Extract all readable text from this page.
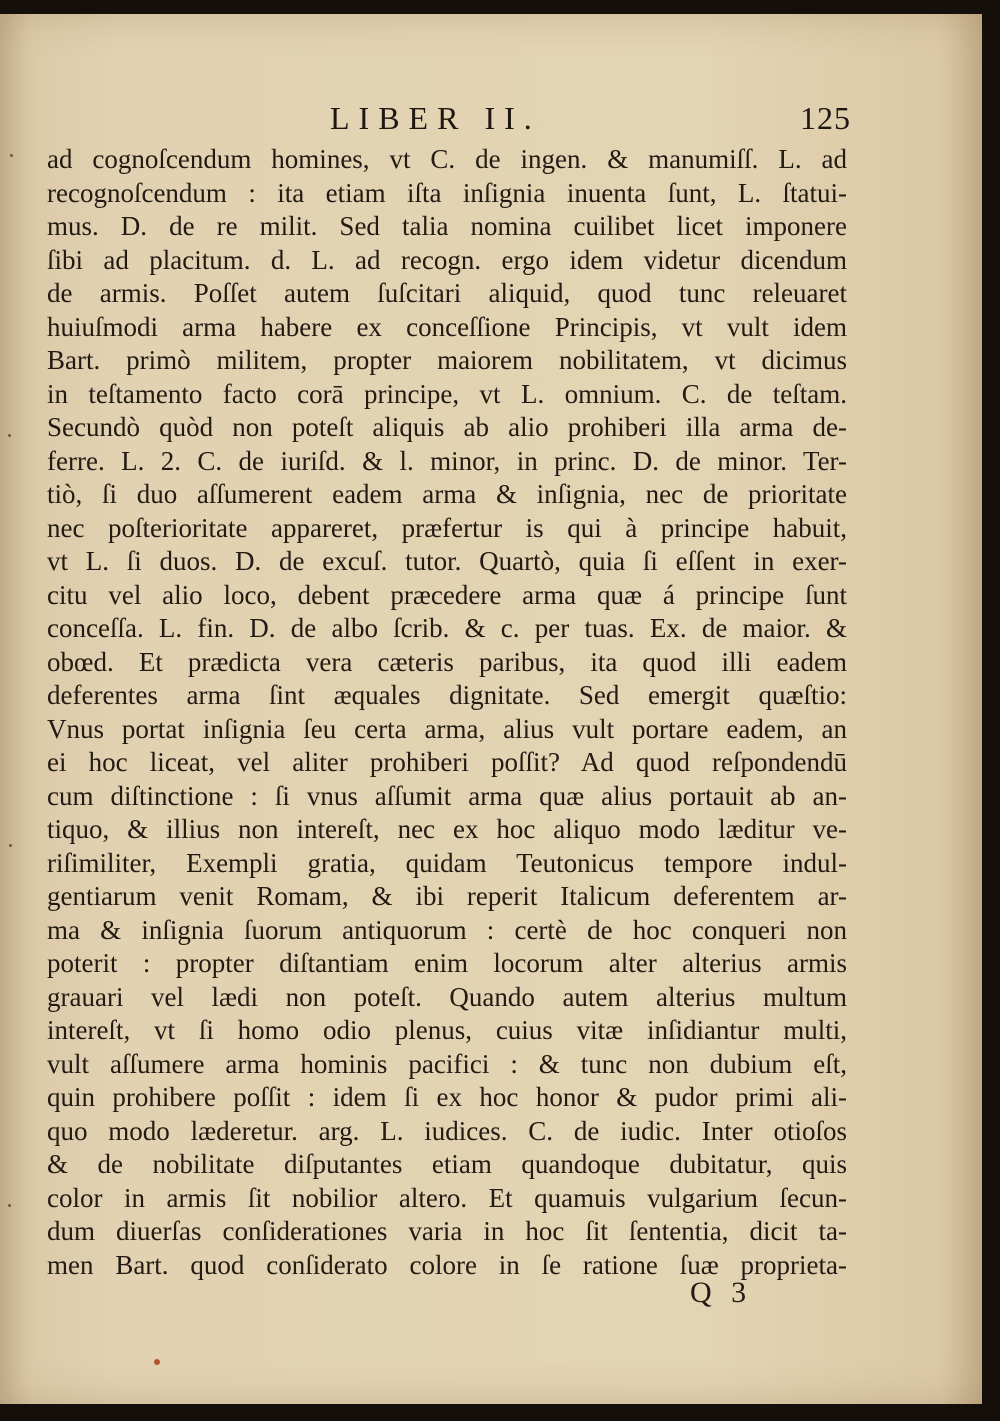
LIBER II.	125
ad cognoſcendum homines, vt C. de ingen. & manumiſſ. L. ad
recognoſcendum : ita etiam iſta inſignia inuenta ſunt, L. ſtatui-
mus. D. de re milit. Sed talia nomina cuilibet licet imponere
ſibi ad placitum. d. L. ad recogn. ergo idem videtur dicendum
de armis. Poſſet autem ſuſcitari aliquid, quod tunc releuaret
huiuſmodi arma habere ex conceſſione Principis, vt vult idem
Bart. primò militem, propter maiorem nobilitatem, vt dicimus
in teſtamento facto corā principe, vt L. omnium. C. de teſtam.
Secundò quòd non poteſt aliquis ab alio prohiberi illa arma de-
ferre. L. 2. C. de iuriſd. & l. minor, in princ. D. de minor. Ter-
tiò, ſi duo aſſumerent eadem arma & inſignia, nec de prioritate
nec poſterioritate appareret, præfertur is qui à principe habuit,
vt L. ſi duos. D. de excuſ. tutor. Quartò, quia ſi eſſent in exer-
citu vel alio loco, debent præcedere arma quæ á principe ſunt
conceſſa. L. fin. D. de albo ſcrib. & c. per tuas. Ex. de maior. &
obœd. Et prædicta vera cæteris paribus, ita quod illi eadem
deferentes arma ſint æquales dignitate. Sed emergit quæſtio:
Vnus portat inſignia ſeu certa arma, alius vult portare eadem, an
ei hoc liceat, vel aliter prohiberi poſſit? Ad quod reſpondendū
cum diſtinctione : ſi vnus aſſumit arma quæ alius portauit ab an-
tiquo, & illius non intereſt, nec ex hoc aliquo modo læditur ve-
riſimiliter, Exempli gratia, quidam Teutonicus tempore indul-
gentiarum venit Romam, & ibi reperit Italicum deferentem ar-
ma & inſignia ſuorum antiquorum : certè de hoc conqueri non
poterit : propter diſtantiam enim locorum alter alterius armis
grauari vel lædi non poteſt. Quando autem alterius multum
intereſt, vt ſi homo odio plenus, cuius vitæ inſidiantur multi,
vult aſſumere arma hominis pacifici : & tunc non dubium eſt,
quin prohibere poſſit : idem ſi ex hoc honor & pudor primi ali-
quo modo læderetur. arg. L. iudices. C. de iudic. Inter otioſos
& de nobilitate diſputantes etiam quandoque dubitatur, quis
color in armis ſit nobilior altero. Et quamuis vulgarium ſecun-
dum diuerſas conſiderationes varia in hoc ſit ſententia, dicit ta-
men Bart. quod conſiderato colore in ſe ratione ſuæ proprieta-
Q 3
